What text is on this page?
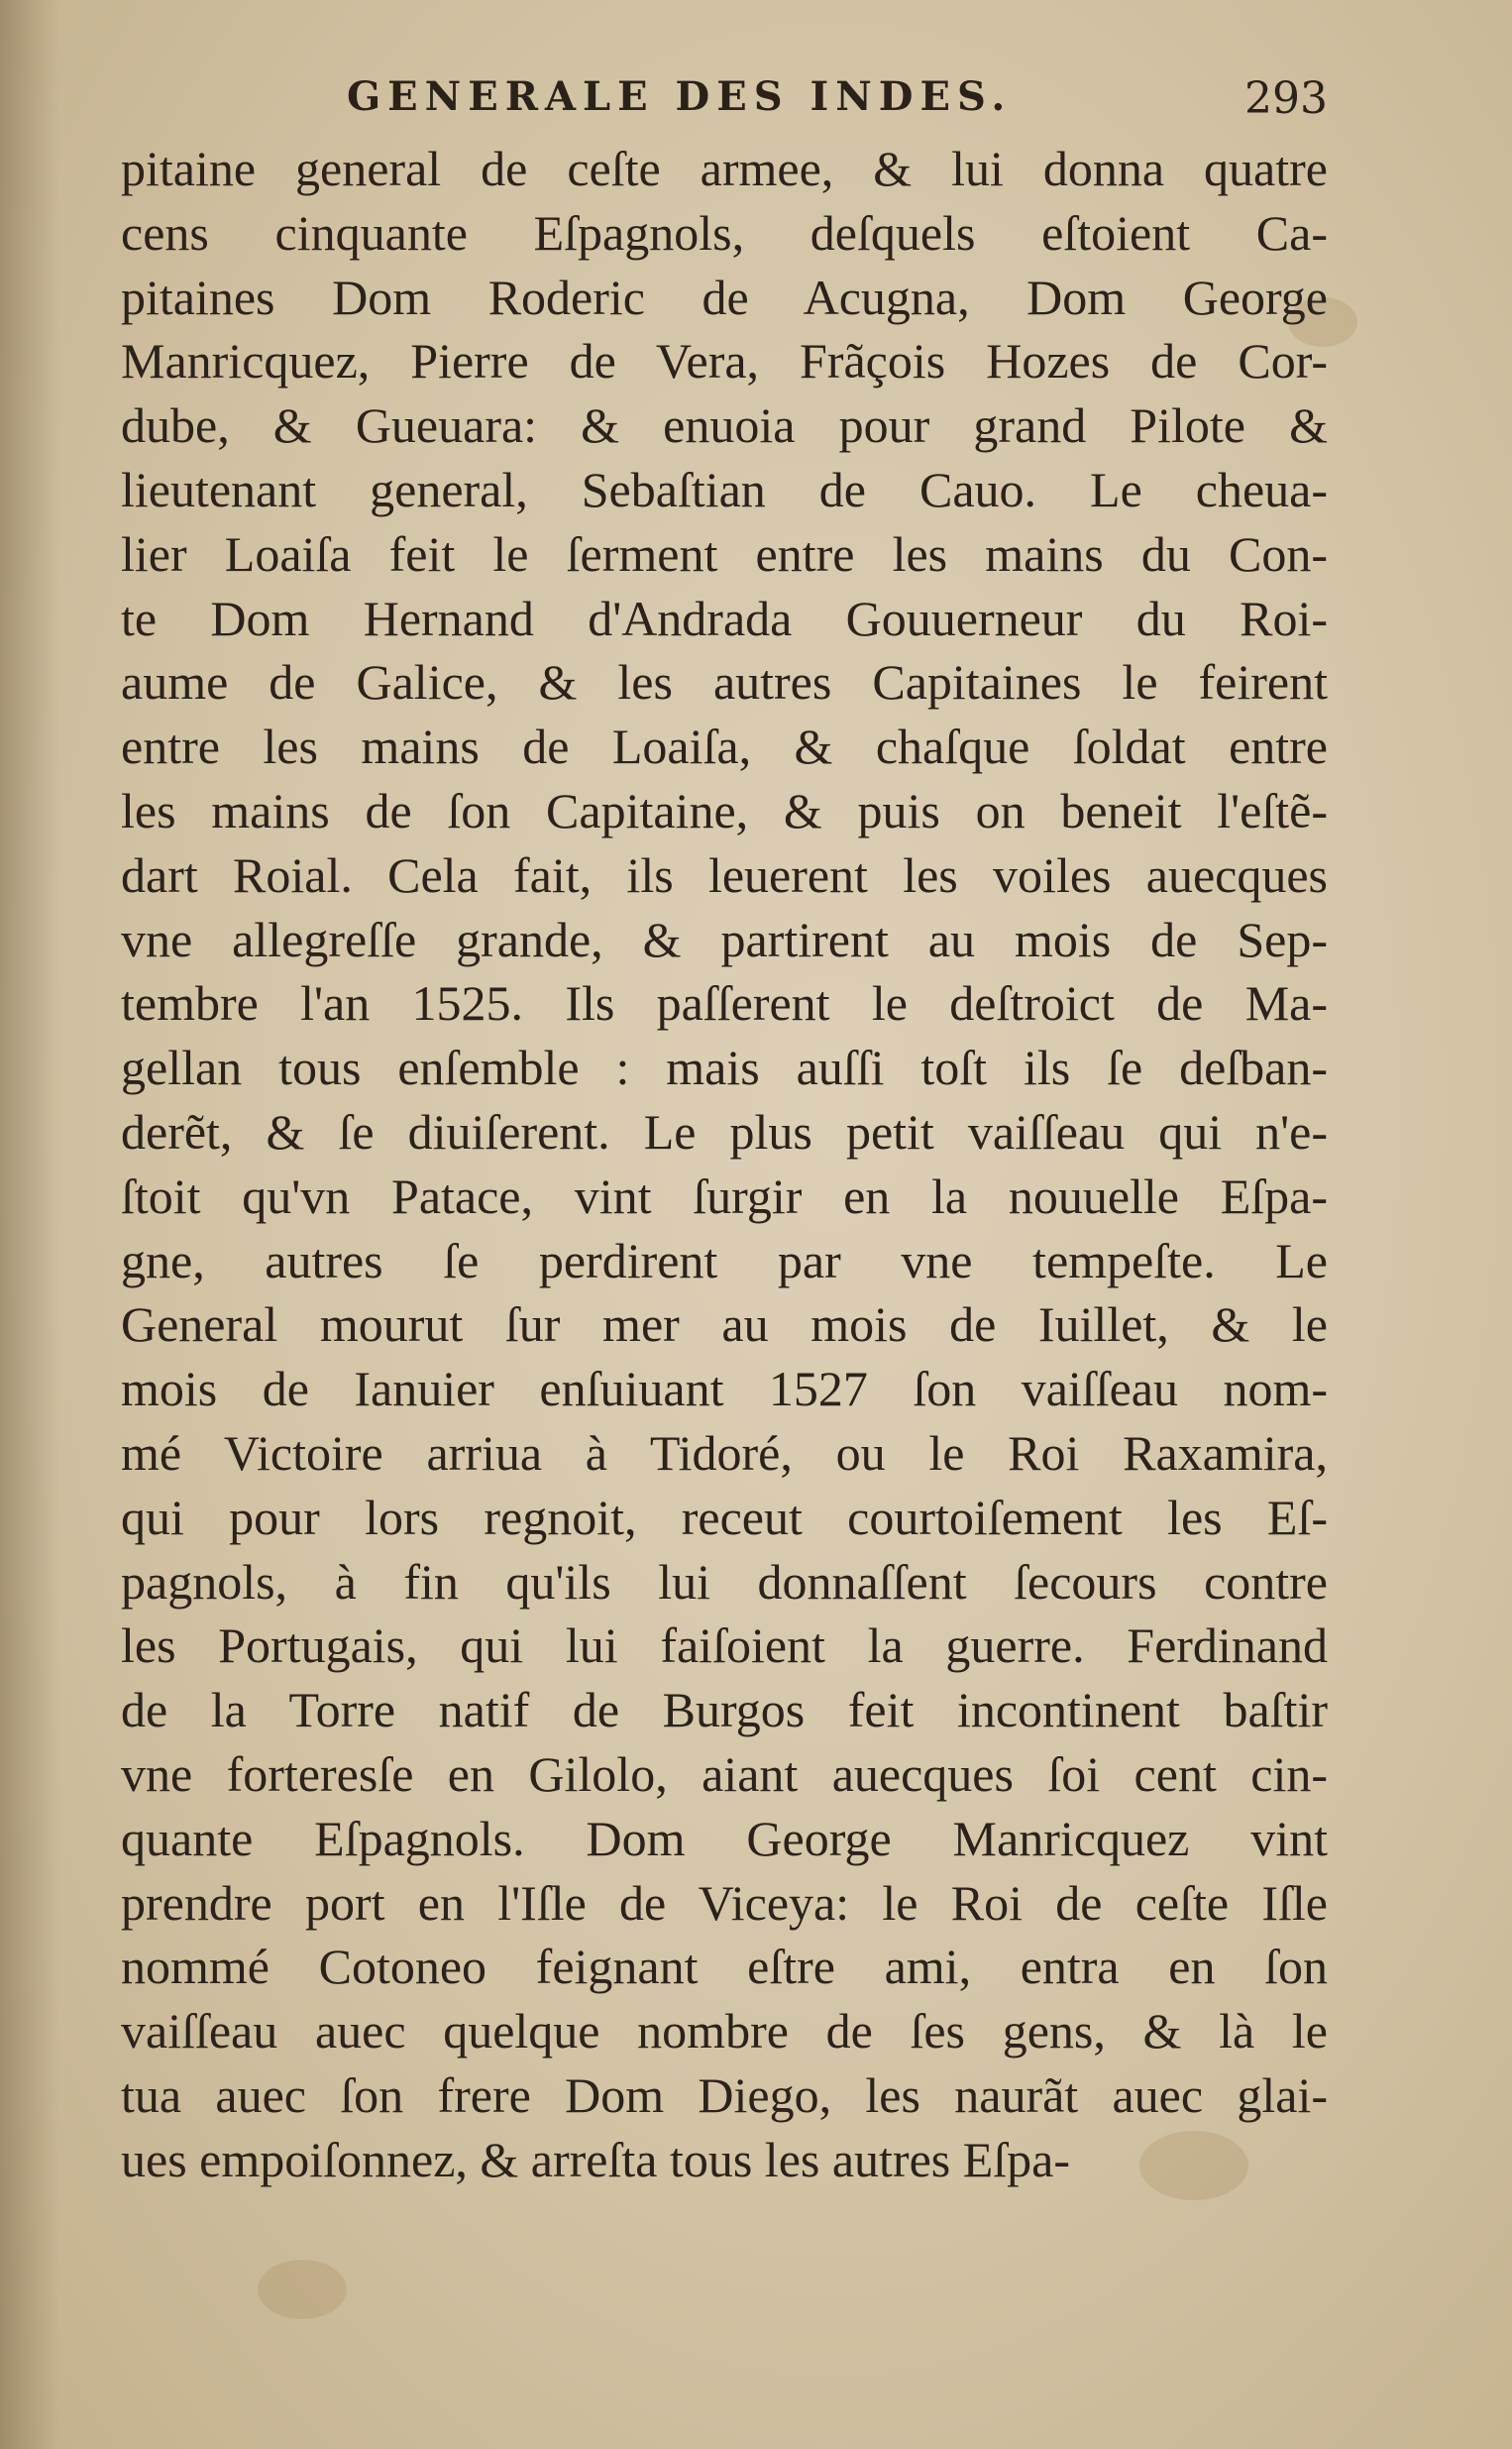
GENERALE DES INDES.	293
pitaine general de ceſte armee, & lui donna quatre
cens cinquante Eſpagnols, deſquels eſtoient Ca-
pitaines Dom Roderic de Acugna, Dom George
Manricquez, Pierre de Vera, Frãçois Hozes de Cor-
dube, & Gueuara: & enuoia pour grand Pilote &
lieutenant general, Sebaſtian de Cauo. Le cheua-
lier Loaiſa feit le ſerment entre les mains du Con-
te Dom Hernand d'Andrada Gouuerneur du Roi-
aume de Galice, & les autres Capitaines le feirent
entre les mains de Loaiſa, & chaſque ſoldat entre
les mains de ſon Capitaine, & puis on beneit l'eſtẽ-
dart Roial. Cela fait, ils leuerent les voiles auecques
vne allegreſſe grande, & partirent au mois de Sep-
tembre l'an 1525. Ils paſſerent le deſtroict de Ma-
gellan tous enſemble : mais auſſi toſt ils ſe deſban-
derẽt, & ſe diuiſerent. Le plus petit vaiſſeau qui n'e-
ſtoit qu'vn Patace, vint ſurgir en la nouuelle Eſpa-
gne, autres ſe perdirent par vne tempeſte. Le
General mourut ſur mer au mois de Iuillet, & le
mois de Ianuier enſuiuant 1527 ſon vaiſſeau nom-
mé Victoire arriua à Tidoré, ou le Roi Raxamira,
qui pour lors regnoit, receut courtoiſement les Eſ-
pagnols, à fin qu'ils lui donnaſſent ſecours contre
les Portugais, qui lui faiſoient la guerre. Ferdinand
de la Torre natif de Burgos feit incontinent baſtir
vne forteresſe en Gilolo, aiant auecques ſoi cent cin-
quante Eſpagnols. Dom George Manricquez vint
prendre port en l'Iſle de Viceya: le Roi de ceſte Iſle
nommé Cotoneo feignant eſtre ami, entra en ſon
vaiſſeau auec quelque nombre de ſes gens, & là le
tua auec ſon frere Dom Diego, les naurãt auec glai-
ues empoiſonnez, & arreſta tous les autres Eſpa-
